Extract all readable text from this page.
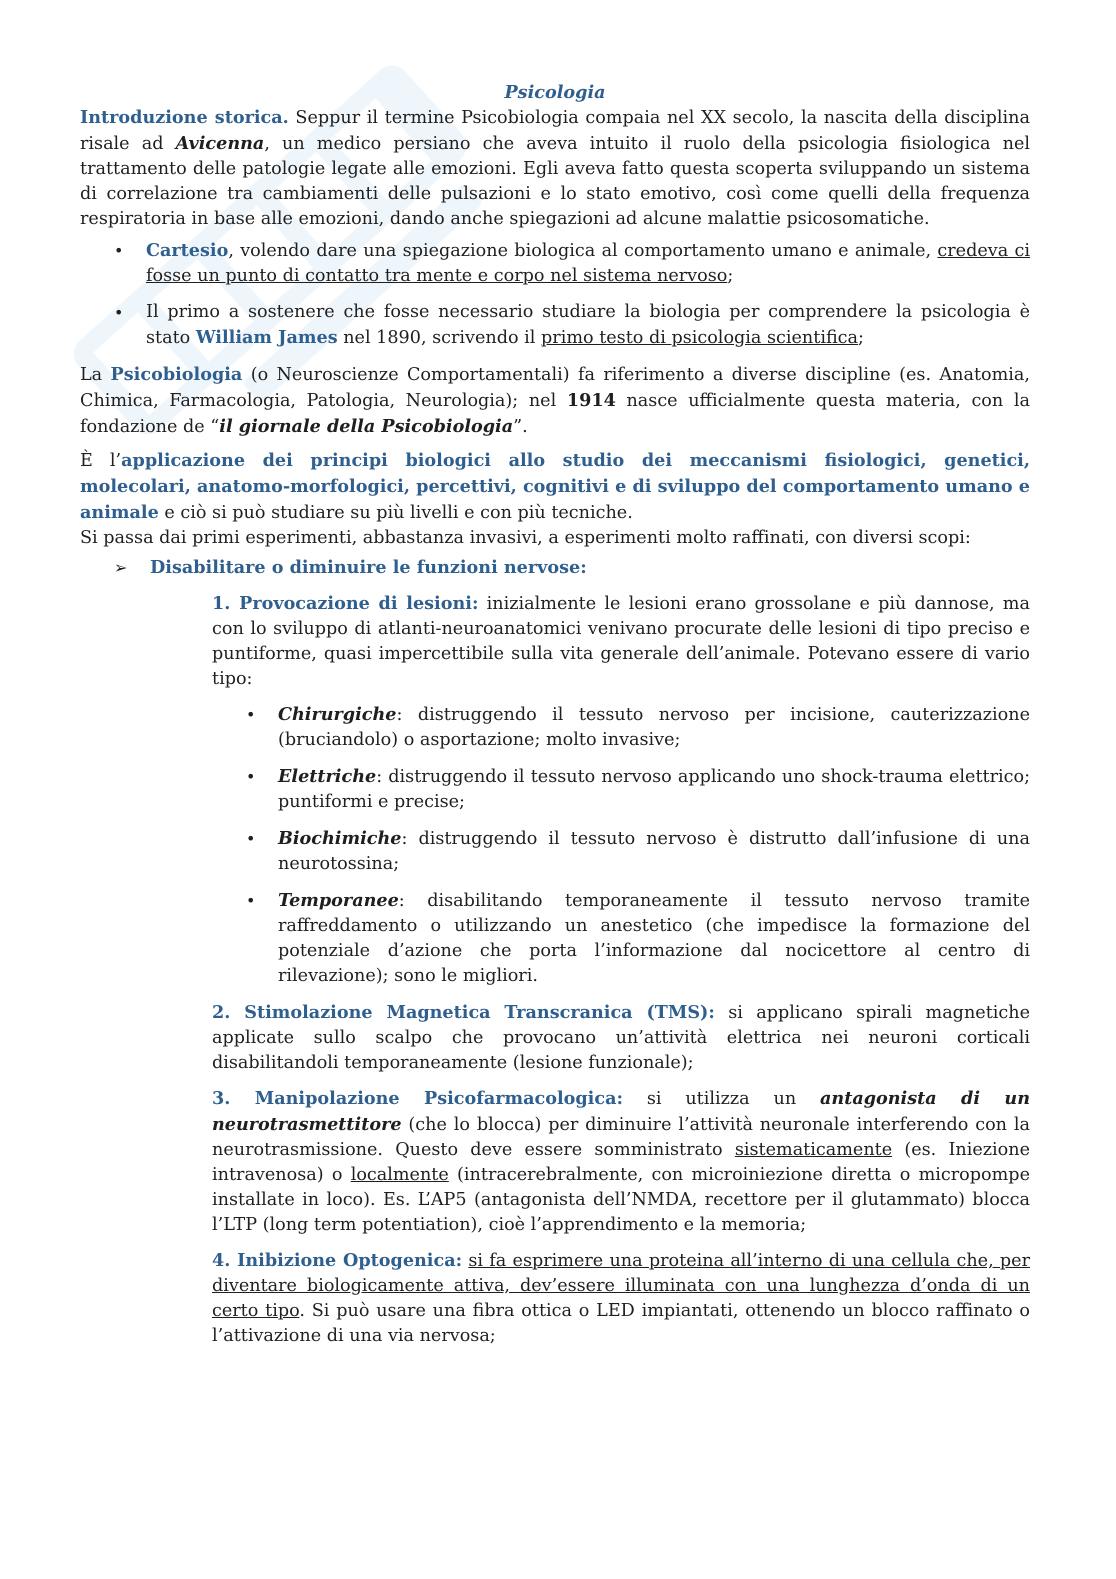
Psicologia

Introduzione storica. Seppur il termine Psicobiologia compaia nel XX secolo, la nascita della disciplina risale ad Avicenna, un medico persiano che aveva intuito il ruolo della psicologia fisiologica nel trattamento delle patologie legate alle emozioni. Egli aveva fatto questa scoperta sviluppando un sistema di correlazione tra cambiamenti delle pulsazioni e lo stato emotivo, così come quelli della frequenza respiratoria in base alle emozioni, dando anche spiegazioni ad alcune malattie psicosomatiche.

• Cartesio, volendo dare una spiegazione biologica al comportamento umano e animale, credeva ci fosse un punto di contatto tra mente e corpo nel sistema nervoso;
• Il primo a sostenere che fosse necessario studiare la biologia per comprendere la psicologia è stato William James nel 1890, scrivendo il primo testo di psicologia scientifica;

La Psicobiologia (o Neuroscienze Comportamentali) fa riferimento a diverse discipline (es. Anatomia, Chimica, Farmacologia, Patologia, Neurologia); nel 1914 nasce ufficialmente questa materia, con la fondazione de “il giornale della Psicobiologia”.

È l’applicazione dei principi biologici allo studio dei meccanismi fisiologici, genetici, molecolari, anatomo-morfologici, percettivi, cognitivi e di sviluppo del comportamento umano e animale e ciò si può studiare su più livelli e con più tecniche.

Si passa dai primi esperimenti, abbastanza invasivi, a esperimenti molto raffinati, con diversi scopi:

➢ Disabilitare o diminuire le funzioni nervose:

1. Provocazione di lesioni: inizialmente le lesioni erano grossolane e più dannose, ma con lo sviluppo di atlanti-neuroanatomici venivano procurate delle lesioni di tipo preciso e puntiforme, quasi impercettibile sulla vita generale dell’animale. Potevano essere di vario tipo:

• Chirurgiche: distruggendo il tessuto nervoso per incisione, cauterizzazione (bruciandolo) o asportazione; molto invasive;
• Elettriche: distruggendo il tessuto nervoso applicando uno shock-trauma elettrico; puntiformi e precise;
• Biochimiche: distruggendo il tessuto nervoso è distrutto dall’infusione di una neurotossina;
• Temporanee: disabilitando temporaneamente il tessuto nervoso tramite raffreddamento o utilizzando un anestetico (che impedisce la formazione del potenziale d’azione che porta l’informazione dal nocicettore al centro di rilevazione); sono le migliori.

2. Stimolazione Magnetica Transcranica (TMS): si applicano spirali magnetiche applicate sullo scalpo che provocano un’attività elettrica nei neuroni corticali disabilitandoli temporaneamente (lesione funzionale);

3. Manipolazione Psicofarmacologica: si utilizza un antagonista di un neurotrasmettitore (che lo blocca) per diminuire l’attività neuronale interferendo con la neurotrasmissione. Questo deve essere somministrato sistematicamente (es. Iniezione intravenosa) o localmente (intracerebralmente, con microiniezione diretta o micropompe installate in loco). Es. L’AP5 (antagonista dell’NMDA, recettore per il glutammato) blocca l’LTP (long term potentiation), cioè l’apprendimento e la memoria;

4. Inibizione Optogenica: si fa esprimere una proteina all’interno di una cellula che, per diventare biologicamente attiva, dev’essere illuminata con una lunghezza d’onda di un certo tipo. Si può usare una fibra ottica o LED impiantati, ottenendo un blocco raffinato o l’attivazione di una via nervosa;
